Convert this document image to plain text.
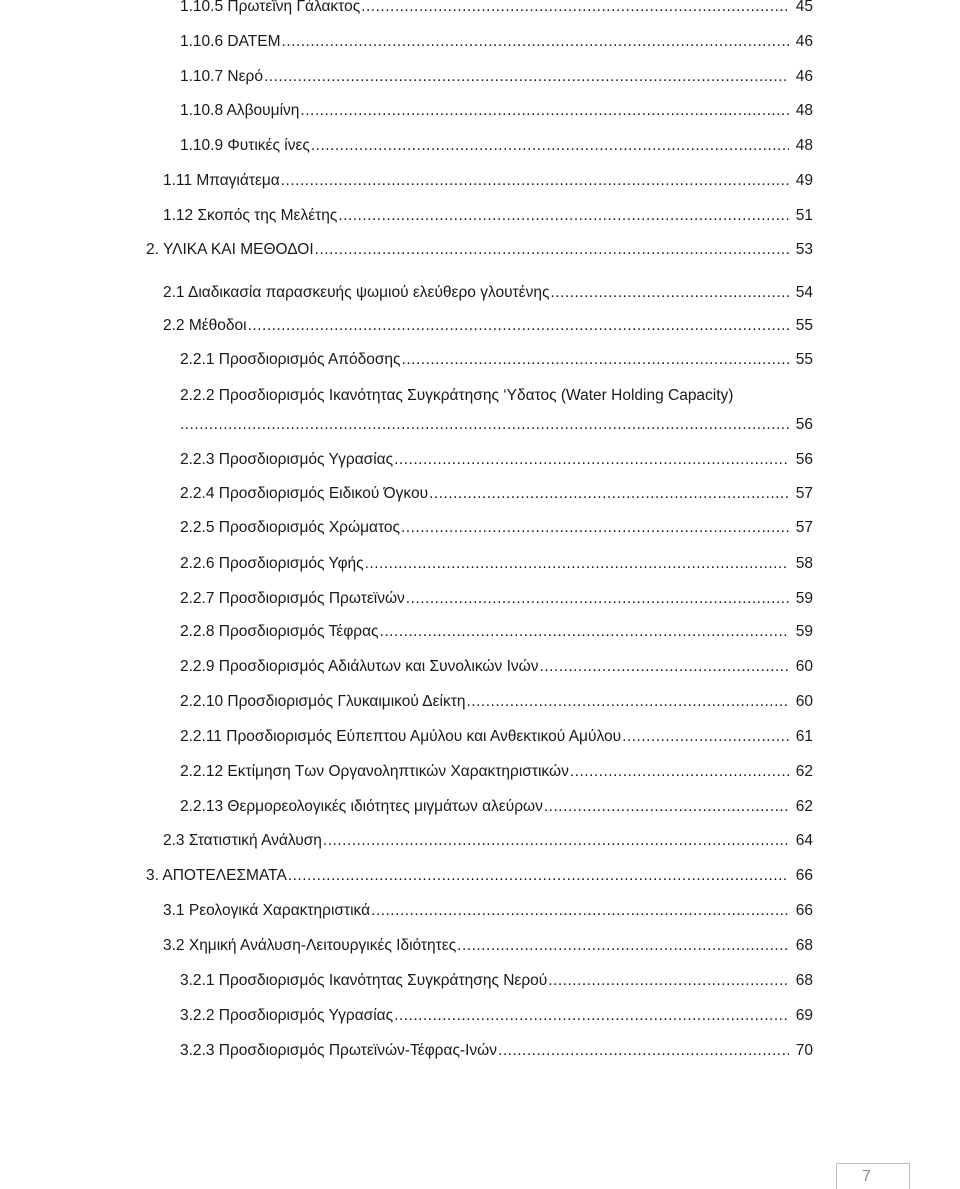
1.10.5 Πρωτεΐνη Γάλακτος .....	45
1.10.6 DATEM .....	46
1.10.7 Νερό .....	46
1.10.8 Αλβουμίνη .....	48
1.10.9 Φυτικές ίνες .....	48
1.11 Μπαγιάτεμα .....	49
1.12 Σκοπός της Μελέτης .....	51
2. ΥΛΙΚΑ ΚΑΙ ΜΕΘΟΔΟΙ .....	53
2.1 Διαδικασία παρασκευής ψωμιού ελεύθερο γλουτένης .....	54
2.2 Μέθοδοι .....	55
2.2.1 Προσδιορισμός Απόδοσης .....	55
2.2.2 Προσδιορισμός Ικανότητας Συγκράτησης ‘Υδατος (Water Holding Capacity)
.....
56
2.2.3 Προσδιορισμός Υγρασίας .....	56
2.2.4 Προσδιορισμός Ειδικού Όγκου .....	57
2.2.5 Προσδιορισμός Χρώματος .....	57
2.2.6 Προσδιορισμός Υφής .....	58
2.2.7 Προσδιορισμός Πρωτεϊνών .....	59
2.2.8 Προσδιορισμός Τέφρας .....	59
2.2.9 Προσδιορισμός Αδιάλυτων και Συνολικών Ινών .....	60
2.2.10 Προσδιορισμός Γλυκαιμικού Δείκτη .....	60
2.2.11 Προσδιορισμός Εύπεπτου Αμύλου και Ανθεκτικού Αμύλου .....	61
2.2.12 Εκτίμηση Των Οργανοληπτικών Χαρακτηριστικών .....	62
2.2.13 Θερμορεολογικές ιδιότητες μιγμάτων αλεύρων .....	62
2.3 Στατιστική Ανάλυση .....	64
3. ΑΠΟΤΕΛΕΣΜΑΤΑ .....	66
3.1 Ρεολογικά Χαρακτηριστικά .....	66
3.2 Χημική Ανάλυση-Λειτουργικές Ιδιότητες .....	68
3.2.1 Προσδιορισμός Ικανότητας Συγκράτησης Νερού .....	68
3.2.2 Προσδιορισμός Υγρασίας .....	69
3.2.3 Προσδιορισμός Πρωτεϊνών-Τέφρας-Ινών .....	70
7
